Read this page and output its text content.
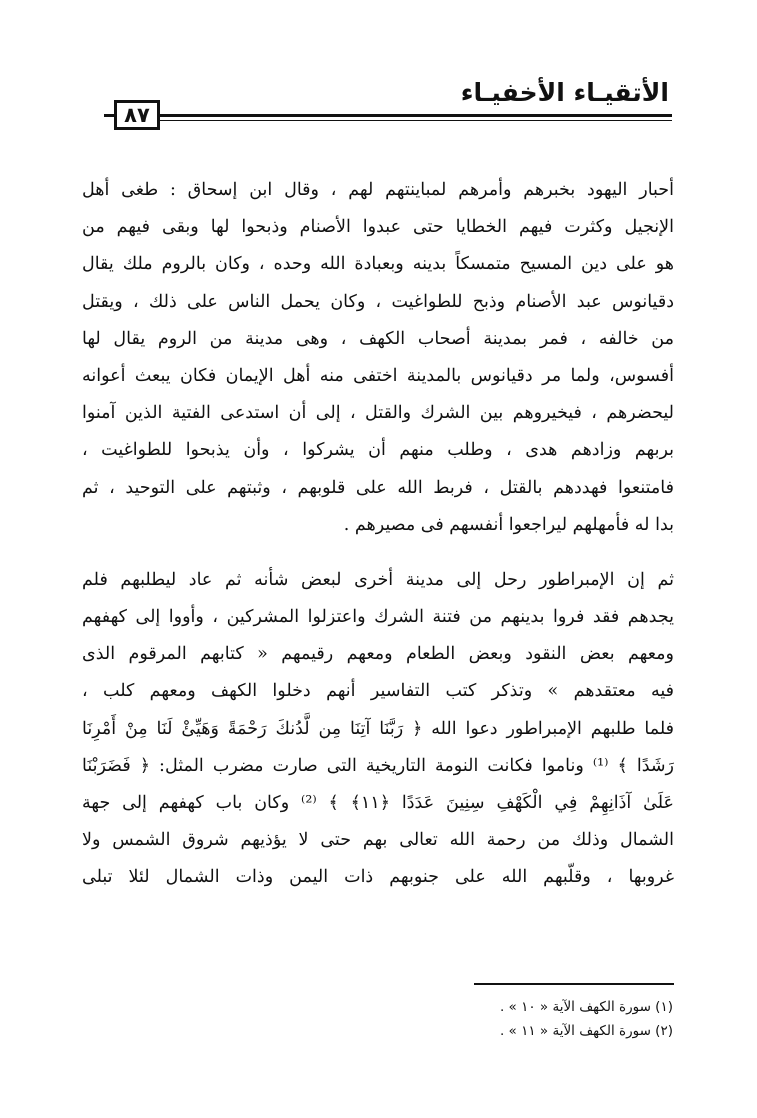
الأتقيـاء الأخفيـاء
٨٧
أحبار اليهود بخبرهم وأمرهم لمباينتهم لهم ، وقال ابن إسحاق : طغى أهل
الإنجيل وكثرت فيهم الخطايا حتى عبدوا الأصنام وذبحوا لها وبقى فيهم من
هو على دين المسيح متمسكاً بدينه وبعبادة الله وحده ، وكان بالروم ملك يقال
دقيانوس عبد الأصنام وذبح للطواغيت ، وكان يحمل الناس على ذلك ، ويقتل
من خالفه ، فمر بمدينة أصحاب الكهف ، وهى مدينة من الروم يقال لها
أفسوس، ولما مر دقيانوس بالمدينة اختفى منه أهل الإيمان فكان يبعث أعوانه
ليحضرهم ، فيخيروهم بين الشرك والقتل ، إلى أن استدعى الفتية الذين آمنوا
بربهم وزادهم هدى ، وطلب منهم أن يشركوا ، وأن يذبحوا للطواغيت ،
فامتنعوا فهددهم بالقتل ، فربط الله على قلوبهم ، وثبتهم على التوحيد ، ثم
بدا له فأمهلهم ليراجعوا أنفسهم فى مصيرهم .
ثم إن الإمبراطور رحل إلى مدينة أخرى لبعض شأنه ثم عاد ليطلبهم فلم
يجدهم فقد فروا بدينهم من فتنة الشرك واعتزلوا المشركين ، وأووا إلى كهفهم
ومعهم بعض النقود وبعض الطعام ومعهم رقيمهم « كتابهم المرقوم الذى
فيه معتقدهم » وتذكر كتب التفاسير أنهم دخلوا الكهف ومعهم كلب ،
فلما طلبهم الإمبراطور دعوا الله ﴿ رَبَّنَا آتِنَا مِن لَّدُنكَ رَحْمَةً وَهَيِّئْ لَنَا مِنْ أَمْرِنَا
رَشَدًا ﴾ ⁽¹⁾ وناموا فكانت النومة التاريخية التى صارت مضرب المثل: ﴿ فَضَرَبْنَا
عَلَىٰ آذَانِهِمْ فِي الْكَهْفِ سِنِينَ عَدَدًا ﴿١١﴾ ﴾ ⁽²⁾ وكان باب كهفهم إلى جهة
الشمال وذلك من رحمة الله تعالى بهم حتى لا يؤذيهم شروق الشمس ولا
غروبها ، وقلّبهم الله على جنوبهم ذات اليمن وذات الشمال لئلا تبلى
(١) سورة الكهف الآية « ١٠ » .
(٢) سورة الكهف الآية « ١١ » .
